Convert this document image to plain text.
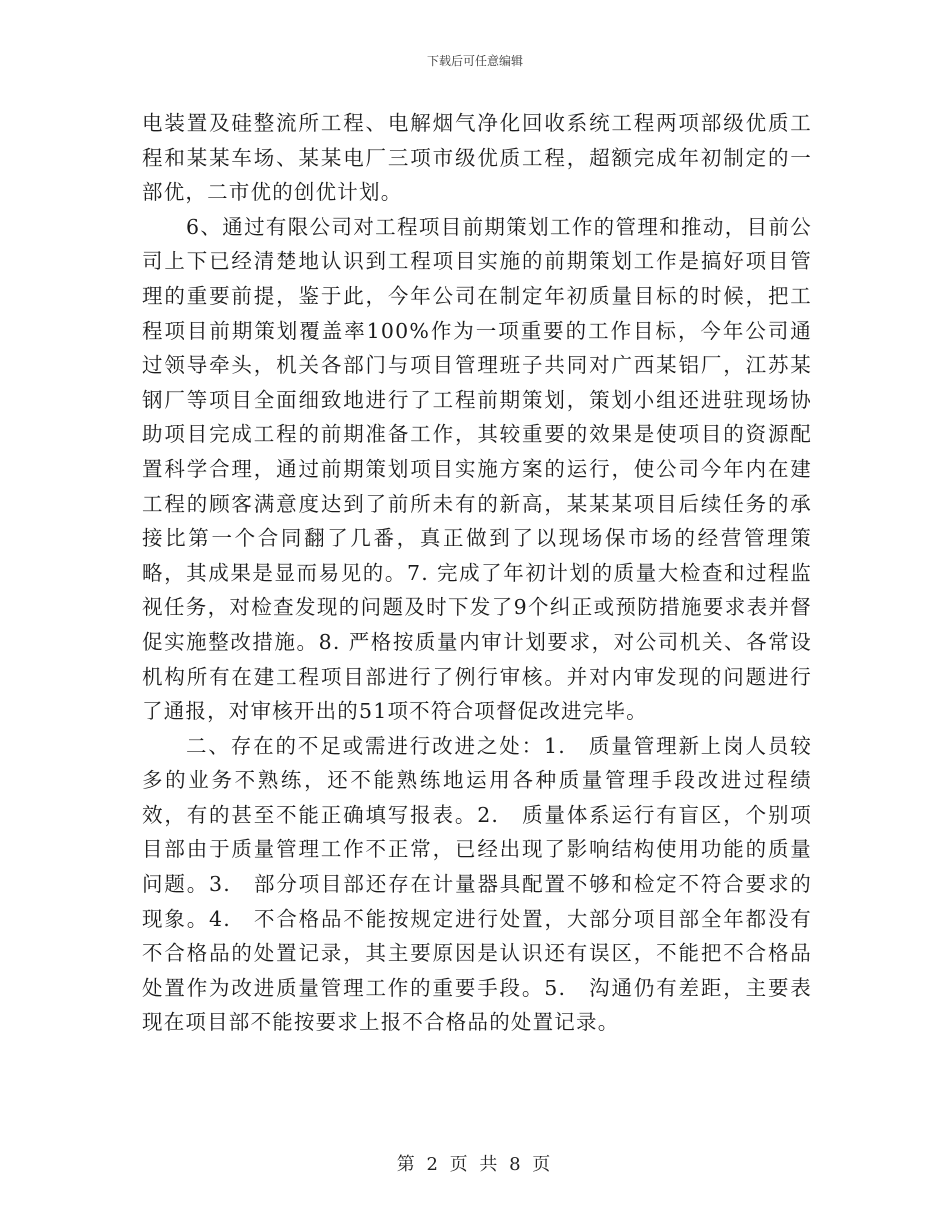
下载后可任意编辑

电装置及硅整流所工程、电解烟气净化回收系统工程两项部级优质工程和某某车场、某某电厂三项市级优质工程，超额完成年初制定的一部优，二市优的创优计划。

6、通过有限公司对工程项目前期策划工作的管理和推动，目前公司上下已经清楚地认识到工程项目实施的前期策划工作是搞好项目管理的重要前提，鉴于此，今年公司在制定年初质量目标的时候，把工程项目前期策划覆盖率100%作为一项重要的工作目标，今年公司通过领导牵头，机关各部门与项目管理班子共同对广西某铝厂，江苏某钢厂等项目全面细致地进行了工程前期策划，策划小组还进驻现场协助项目完成工程的前期准备工作，其较重要的效果是使项目的资源配置科学合理，通过前期策划项目实施方案的运行，使公司今年内在建工程的顾客满意度达到了前所未有的新高，某某某项目后续任务的承接比第一个合同翻了几番，真正做到了以现场保市场的经营管理策略，其成果是显而易见的。7. 完成了年初计划的质量大检查和过程监视任务，对检查发现的问题及时下发了9个纠正或预防措施要求表并督促实施整改措施。8. 严格按质量内审计划要求，对公司机关、各常设机构所有在建工程项目部进行了例行审核。并对内审发现的问题进行了通报，对审核开出的51项不符合项督促改进完毕。

二、存在的不足或需进行改进之处：1.　质量管理新上岗人员较多的业务不熟练，还不能熟练地运用各种质量管理手段改进过程绩效，有的甚至不能正确填写报表。2.　质量体系运行有盲区，个别项目部由于质量管理工作不正常，已经出现了影响结构使用功能的质量问题。3.　部分项目部还存在计量器具配置不够和检定不符合要求的现象。4.　不合格品不能按规定进行处置，大部分项目部全年都没有不合格品的处置记录，其主要原因是认识还有误区，不能把不合格品处置作为改进质量管理工作的重要手段。5.　沟通仍有差距，主要表现在项目部不能按要求上报不合格品的处置记录。

第 2 页 共 8 页
